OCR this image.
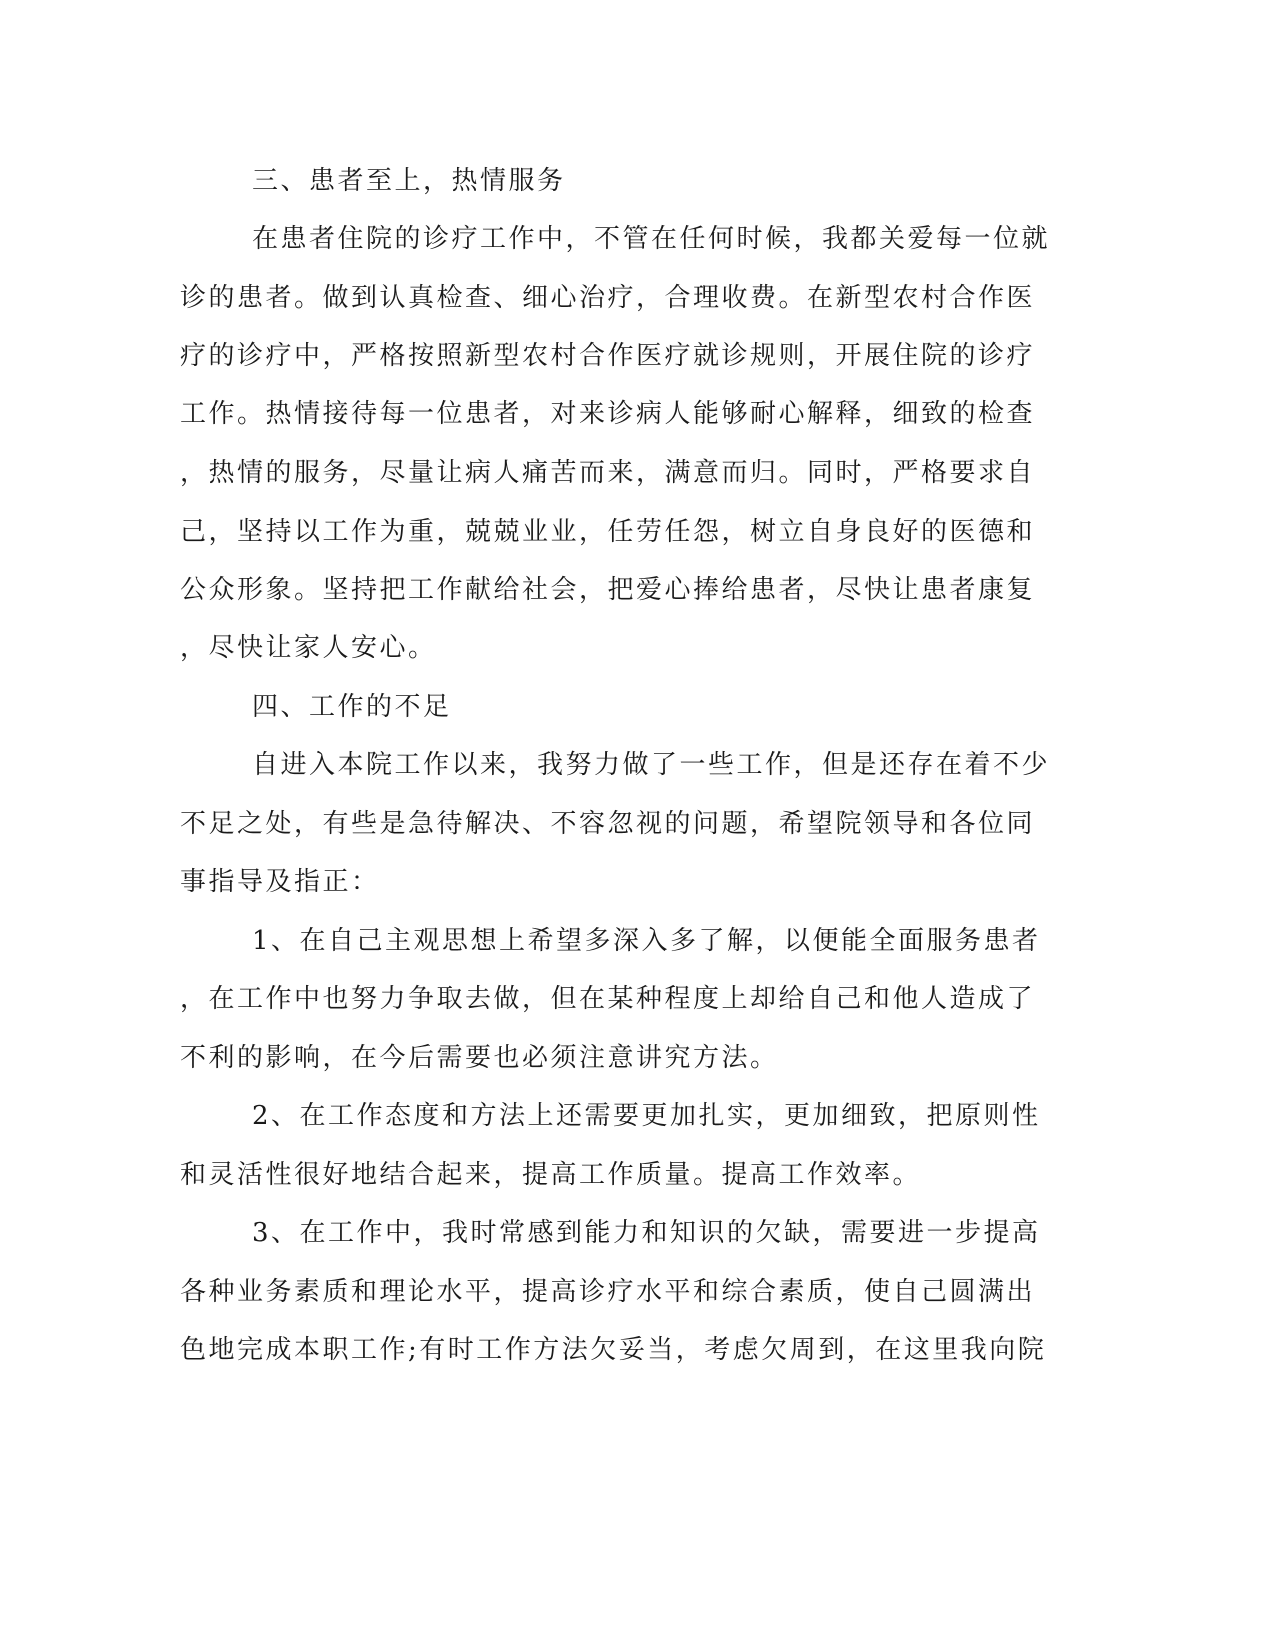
三、患者至上，热情服务
在患者住院的诊疗工作中，不管在任何时候，我都关爱每一位就
诊的患者。做到认真检查、细心治疗，合理收费。在新型农村合作医
疗的诊疗中，严格按照新型农村合作医疗就诊规则，开展住院的诊疗
工作。热情接待每一位患者，对来诊病人能够耐心解释，细致的检查
，热情的服务，尽量让病人痛苦而来，满意而归。同时，严格要求自
己，坚持以工作为重，兢兢业业，任劳任怨，树立自身良好的医德和
公众形象。坚持把工作献给社会，把爱心捧给患者，尽快让患者康复
，尽快让家人安心。
四、工作的不足
自进入本院工作以来，我努力做了一些工作，但是还存在着不少
不足之处，有些是急待解决、不容忽视的问题，希望院领导和各位同
事指导及指正：
1、在自己主观思想上希望多深入多了解，以便能全面服务患者
，在工作中也努力争取去做，但在某种程度上却给自己和他人造成了
不利的影响，在今后需要也必须注意讲究方法。
2、在工作态度和方法上还需要更加扎实，更加细致，把原则性
和灵活性很好地结合起来，提高工作质量。提高工作效率。
3、在工作中，我时常感到能力和知识的欠缺，需要进一步提高
各种业务素质和理论水平，提高诊疗水平和综合素质，使自己圆满出
色地完成本职工作;有时工作方法欠妥当，考虑欠周到，在这里我向院
